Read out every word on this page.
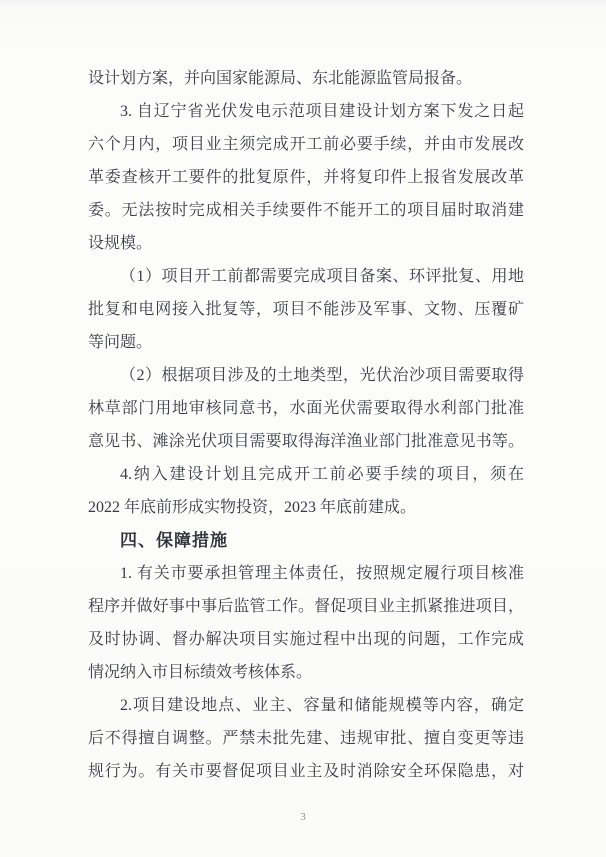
设计划方案，并向国家能源局、东北能源监管局报备。
3. 自辽宁省光伏发电示范项目建设计划方案下发之日起
六个月内，项目业主须完成开工前必要手续，并由市发展改
革委查核开工要件的批复原件，并将复印件上报省发展改革
委。无法按时完成相关手续要件不能开工的项目届时取消建
设规模。
（1）项目开工前都需要完成项目备案、环评批复、用地
批复和电网接入批复等，项目不能涉及军事、文物、压覆矿
等问题。
（2）根据项目涉及的土地类型，光伏治沙项目需要取得
林草部门用地审核同意书，水面光伏需要取得水利部门批准
意见书、滩涂光伏项目需要取得海洋渔业部门批准意见书等。
4.纳入建设计划且完成开工前必要手续的项目，须在
2022 年底前形成实物投资，2023 年底前建成。
四、保障措施
1. 有关市要承担管理主体责任，按照规定履行项目核准
程序并做好事中事后监管工作。督促项目业主抓紧推进项目，
及时协调、督办解决项目实施过程中出现的问题，工作完成
情况纳入市目标绩效考核体系。
2.项目建设地点、业主、容量和储能规模等内容，确定
后不得擅自调整。严禁未批先建、违规审批、擅自变更等违
规行为。有关市要督促项目业主及时消除安全环保隐患，对
3
